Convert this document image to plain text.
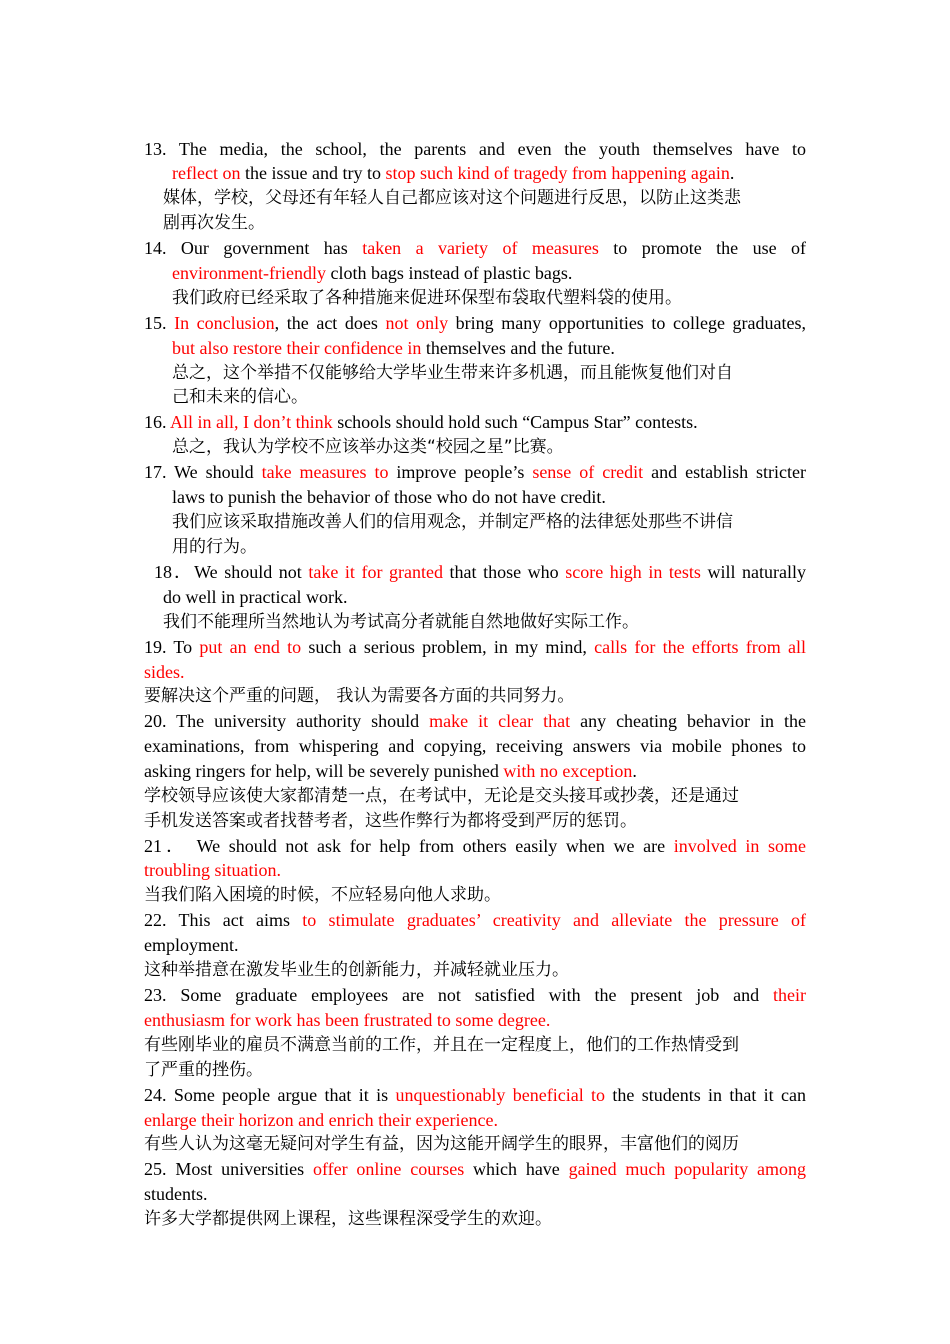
13. The media, the school, the parents and even the youth themselves have to
reflect on the issue and try to stop such kind of tragedy from happening again.
媒体，学校，父母还有年轻人自己都应该对这个问题进行反思，以防止这类悲
剧再次发生。
14. Our government has taken a variety of measures to promote the use of
environment-friendly cloth bags instead of plastic bags.
我们政府已经采取了各种措施来促进环保型布袋取代塑料袋的使用。
15. In conclusion, the act does not only bring many opportunities to college graduates,
but also restore their confidence in themselves and the future.
总之，这个举措不仅能够给大学毕业生带来许多机遇，而且能恢复他们对自
己和未来的信心。
16. All in all, I don’t think schools should hold such “Campus Star” contests.
总之，我认为学校不应该举办这类“校园之星”比赛。
17. We should take measures to improve people’s sense of credit and establish stricter
laws to punish the behavior of those who do not have credit.
我们应该采取措施改善人们的信用观念，并制定严格的法律惩处那些不讲信
用的行为。
18．We should not take it for granted that those who score high in tests will naturally
do well in practical work.
我们不能理所当然地认为考试高分者就能自然地做好实际工作。
19. To put an end to such a serious problem, in my mind, calls for the efforts from all
sides.
要解决这个严重的问题， 我认为需要各方面的共同努力。
20. The university authority should make it clear that any cheating behavior in the
examinations, from whispering and copying, receiving answers via mobile phones to
asking ringers for help, will be severely punished with no exception.
学校领导应该使大家都清楚一点，在考试中，无论是交头接耳或抄袭，还是通过
手机发送答案或者找替考者，这些作弊行为都将受到严厉的惩罚。
21． We should not ask for help from others easily when we are involved in some
troubling situation.
当我们陷入困境的时候，不应轻易向他人求助。
22. This act aims to stimulate graduates’ creativity and alleviate the pressure of
employment.
这种举措意在激发毕业生的创新能力，并减轻就业压力。
23. Some graduate employees are not satisfied with the present job and their
enthusiasm for work has been frustrated to some degree.
有些刚毕业的雇员不满意当前的工作，并且在一定程度上，他们的工作热情受到
了严重的挫伤。
24. Some people argue that it is unquestionably beneficial to the students in that it can
enlarge their horizon and enrich their experience.
有些人认为这毫无疑问对学生有益，因为这能开阔学生的眼界，丰富他们的阅历
25. Most universities offer online courses which have gained much popularity among
students.
许多大学都提供网上课程，这些课程深受学生的欢迎。
